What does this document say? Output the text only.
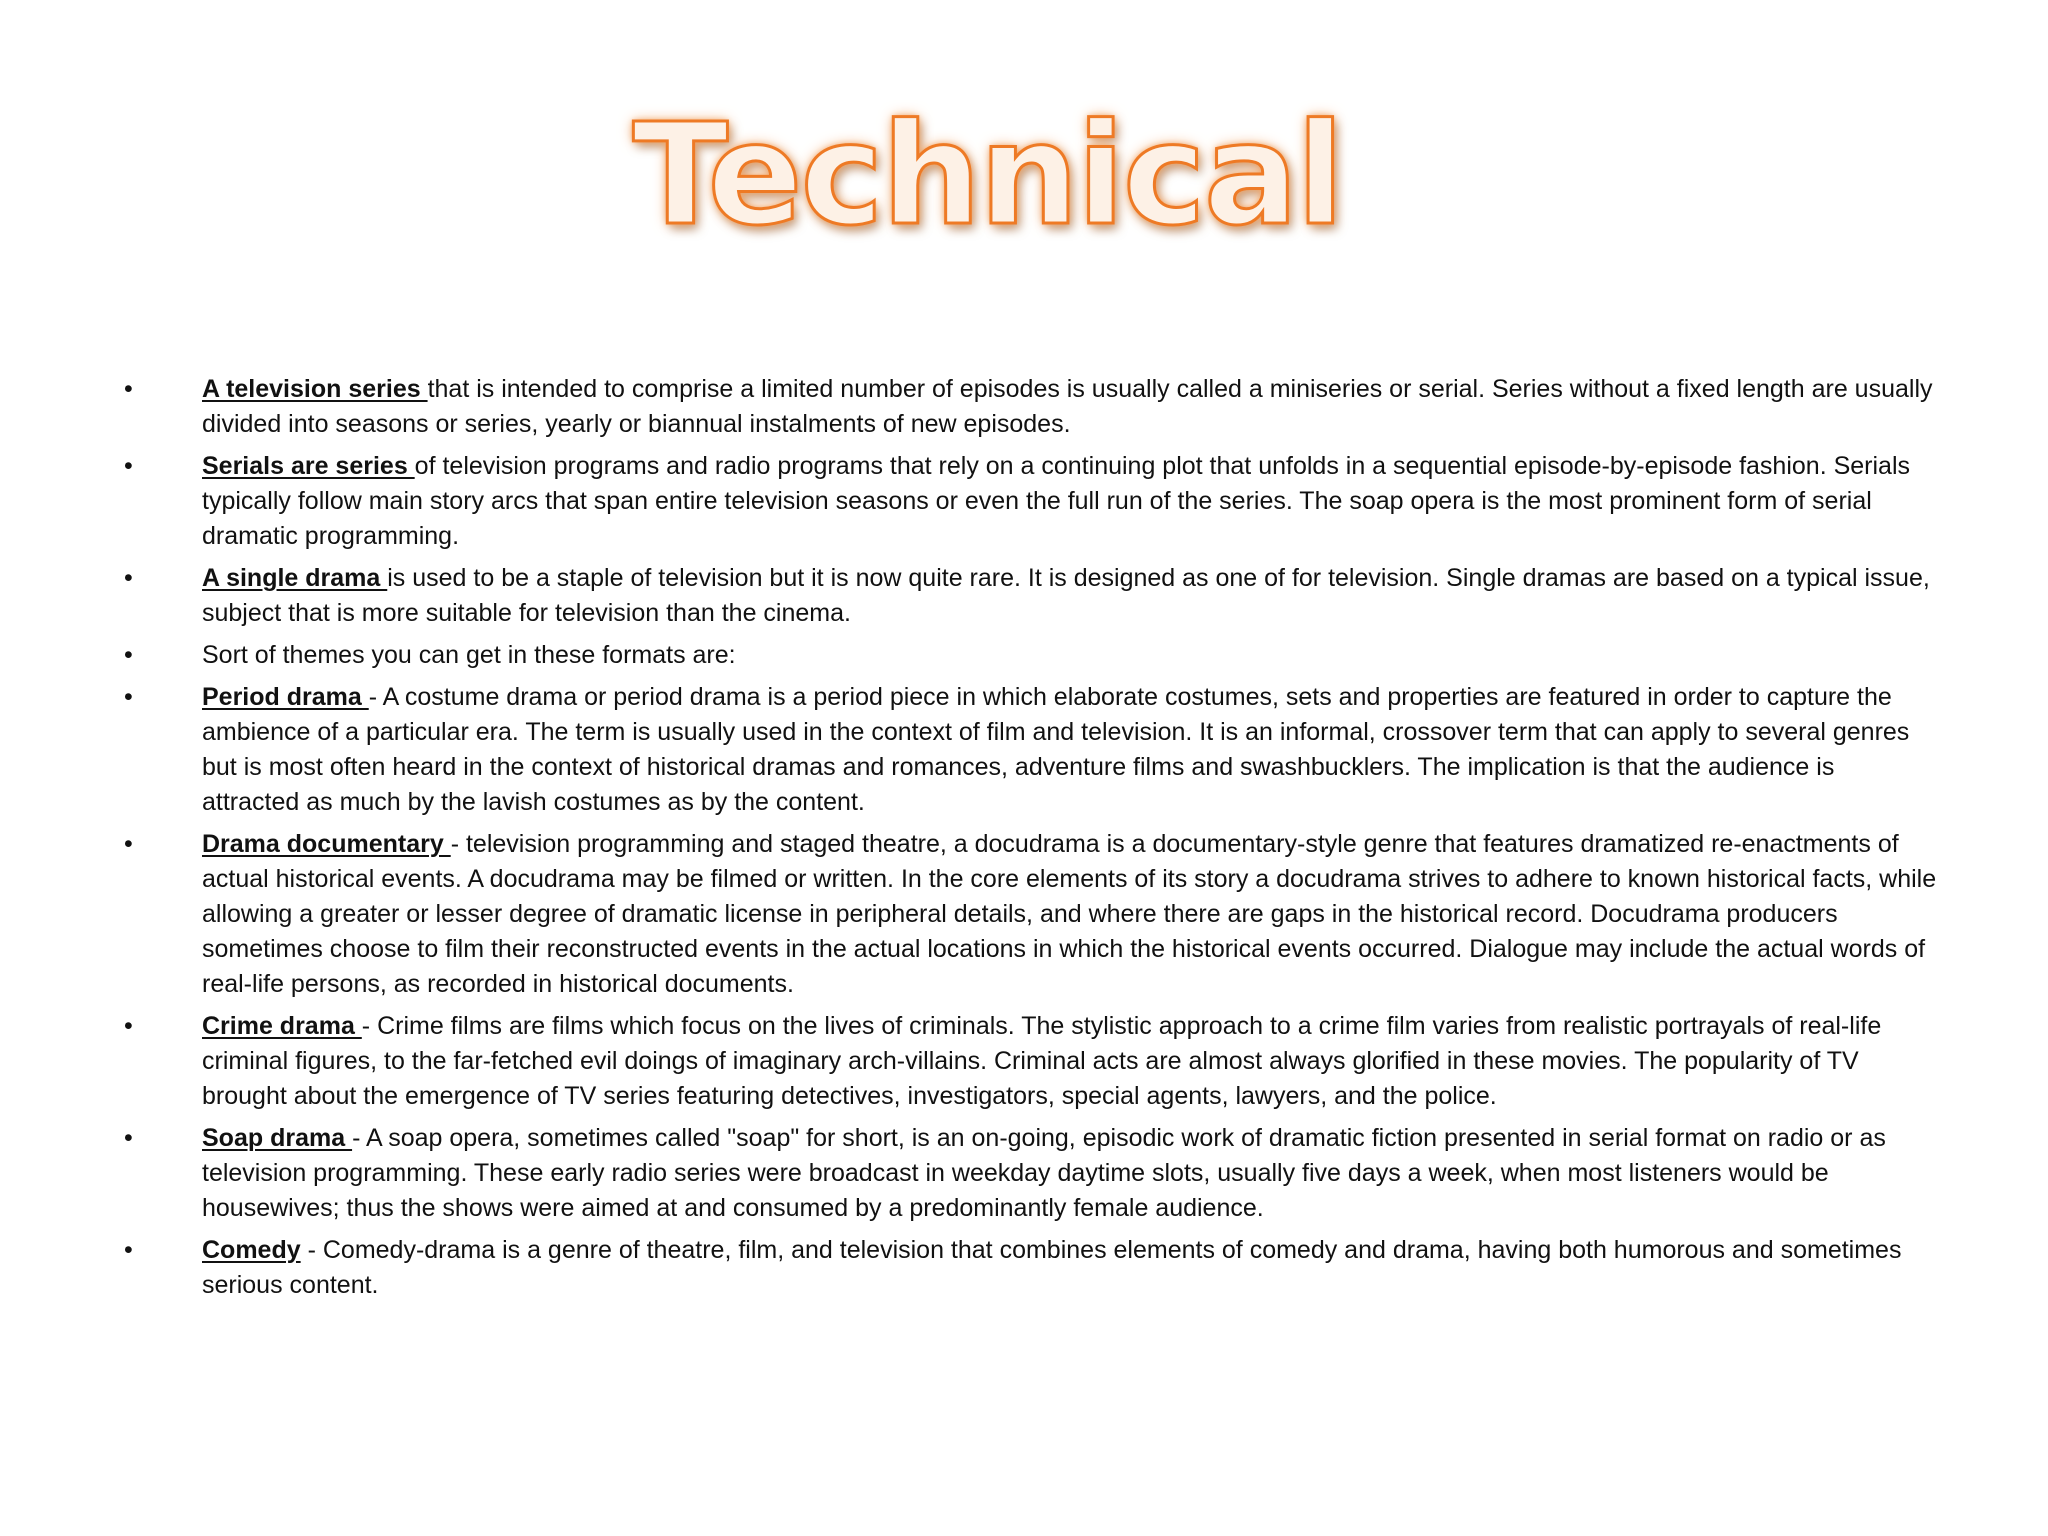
Technical
•	A television series that is intended to comprise a limited number of episodes is usually called a miniseries or serial. Series without a fixed length are usually divided into seasons or series, yearly or biannual instalments of new episodes.
•	Serials are series of television programs and radio programs that rely on a continuing plot that unfolds in a sequential episode-by-episode fashion. Serials typically follow main story arcs that span entire television seasons or even the full run of the series. The soap opera is the most prominent form of serial dramatic programming.
•	A single drama is used to be a staple of television but it is now quite rare. It is designed as one of for television. Single dramas are based on a typical issue, subject that is more suitable for television than the cinema.
•	Sort of themes you can get in these formats are:
•	Period drama - A costume drama or period drama is a period piece in which elaborate costumes, sets and properties are featured in order to capture the ambience of a particular era. The term is usually used in the context of film and television. It is an informal, crossover term that can apply to several genres but is most often heard in the context of historical dramas and romances, adventure films and swashbucklers. The implication is that the audience is attracted as much by the lavish costumes as by the content.
•	Drama documentary - television programming and staged theatre, a docudrama is a documentary-style genre that features dramatized re-enactments of actual historical events. A docudrama may be filmed or written. In the core elements of its story a docudrama strives to adhere to known historical facts, while allowing a greater or lesser degree of dramatic license in peripheral details, and where there are gaps in the historical record. Docudrama producers sometimes choose to film their reconstructed events in the actual locations in which the historical events occurred. Dialogue may include the actual words of real-life persons, as recorded in historical documents.
•	Crime drama - Crime films are films which focus on the lives of criminals. The stylistic approach to a crime film varies from realistic portrayals of real-life criminal figures, to the far-fetched evil doings of imaginary arch-villains. Criminal acts are almost always glorified in these movies. The popularity of TV brought about the emergence of TV series featuring detectives, investigators, special agents, lawyers, and the police.
•	Soap drama - A soap opera, sometimes called "soap" for short, is an on-going, episodic work of dramatic fiction presented in serial format on radio or as television programming. These early radio series were broadcast in weekday daytime slots, usually five days a week, when most listeners would be housewives; thus the shows were aimed at and consumed by a predominantly female audience.
•	Comedy - Comedy-drama is a genre of theatre, film, and television that combines elements of comedy and drama, having both humorous and sometimes serious content.
